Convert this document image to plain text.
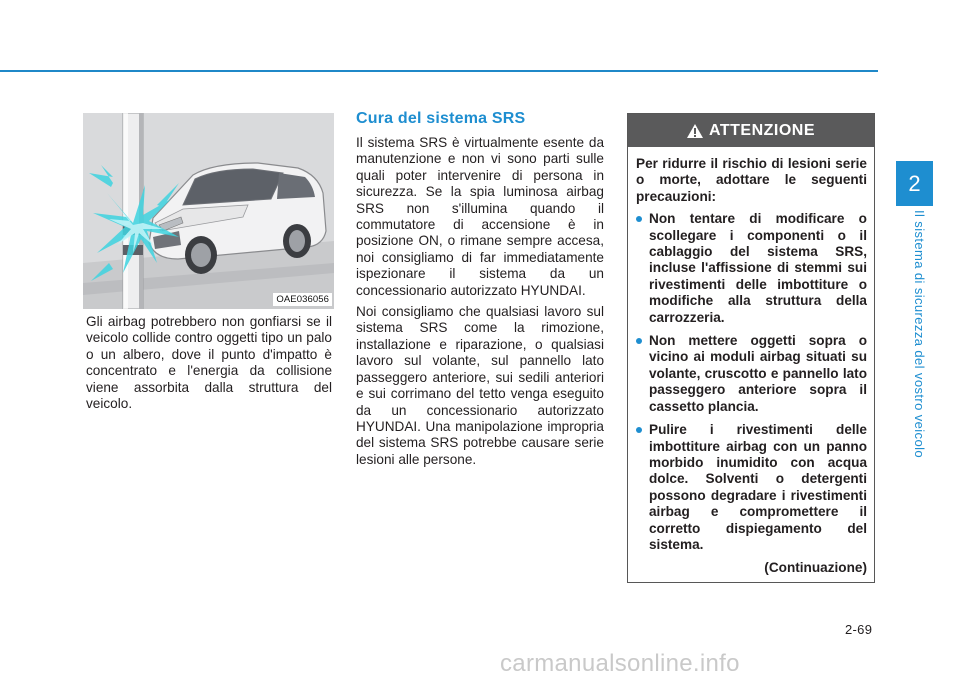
OAE036056

Gli airbag potrebbero non gonfiarsi se il veicolo collide contro oggetti tipo un palo o un albero, dove il punto d'impatto è concentrato e l'energia da collisione viene assorbita dalla struttura del veicolo.

Cura del sistema SRS

Il sistema SRS è virtualmente esente da manutenzione e non vi sono parti sulle quali poter intervenire di persona in sicurezza. Se la spia luminosa airbag SRS non s'illumina quando il commutatore di accensione è in posizione ON, o rimane sempre accesa, noi consigliamo di far immediatamente ispezionare il sistema da un concessionario autorizzato HYUNDAI.

Noi consigliamo che qualsiasi lavoro sul sistema SRS come la rimozione, installazione e riparazione, o qualsiasi lavoro sul volante, sul pannello lato passeggero anteriore, sui sedili anteriori e sui corrimano del tetto venga eseguito da un concessionario autorizzato HYUNDAI. Una manipolazione impropria del sistema SRS potrebbe causare serie lesioni alle persone.

ATTENZIONE

Per ridurre il rischio di lesioni serie o morte, adottare le seguenti precauzioni:

Non tentare di modificare o scollegare i componenti o il cablaggio del sistema SRS, incluse l'affissione di stemmi sui rivestimenti delle imbottiture o modifiche alla struttura della carrozzeria.
Non mettere oggetti sopra o vicino ai moduli airbag situati su volante, cruscotto e pannello lato passeggero anteriore sopra il cassetto plancia.
Pulire i rivestimenti delle imbottiture airbag con un panno morbido inumidito con acqua dolce. Solventi o detergenti possono degradare i rivestimenti airbag e compromettere il corretto dispiegamento del sistema.
(Continuazione)
2
Il sistema di sicurezza del vostro veicolo
2-69
carmanualsonline.info
